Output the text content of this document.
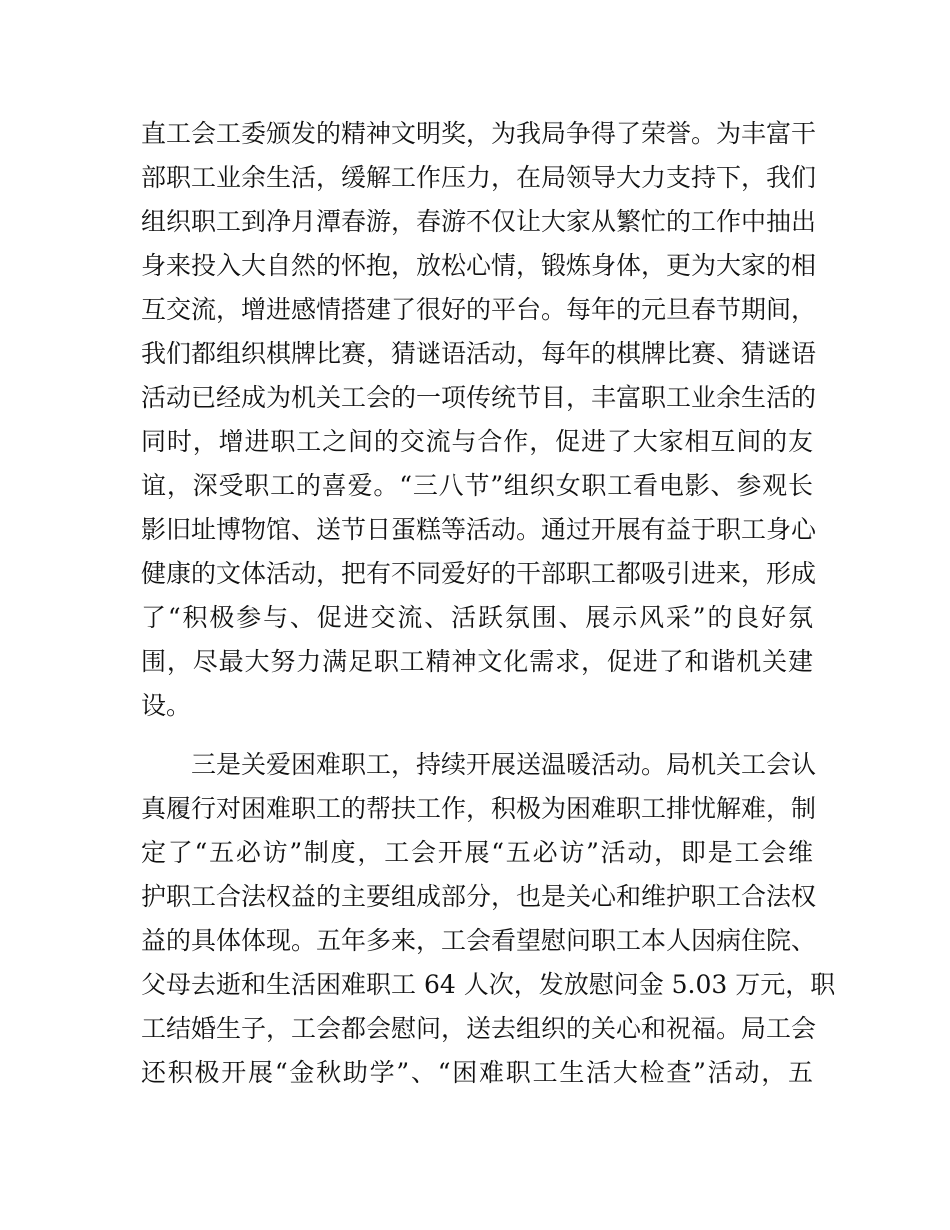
直工会工委颁发的精神文明奖，为我局争得了荣誉。为丰富干
部职工业余生活，缓解工作压力，在局领导大力支持下，我们
组织职工到净月潭春游，春游不仅让大家从繁忙的工作中抽出
身来投入大自然的怀抱，放松心情，锻炼身体，更为大家的相
互交流，增进感情搭建了很好的平台。每年的元旦春节期间，
我们都组织棋牌比赛，猜谜语活动，每年的棋牌比赛、猜谜语
活动已经成为机关工会的一项传统节目，丰富职工业余生活的
同时，增进职工之间的交流与合作，促进了大家相互间的友
谊，深受职工的喜爱。“三八节”组织女职工看电影、参观长
影旧址博物馆、送节日蛋糕等活动。通过开展有益于职工身心
健康的文体活动，把有不同爱好的干部职工都吸引进来，形成
了“积极参与、促进交流、活跃氛围、展示风采”的良好氛
围，尽最大努力满足职工精神文化需求，促进了和谐机关建
设。
三是关爱困难职工，持续开展送温暖活动。局机关工会认
真履行对困难职工的帮扶工作，积极为困难职工排忧解难，制
定了“五必访”制度，工会开展“五必访”活动，即是工会维
护职工合法权益的主要组成部分，也是关心和维护职工合法权
益的具体体现。五年多来，工会看望慰问职工本人因病住院、
父母去逝和生活困难职工 64 人次，发放慰问金 5.03 万元，职
工结婚生子，工会都会慰问，送去组织的关心和祝福。局工会
还积极开展“金秋助学”、“困难职工生活大检查”活动，五
